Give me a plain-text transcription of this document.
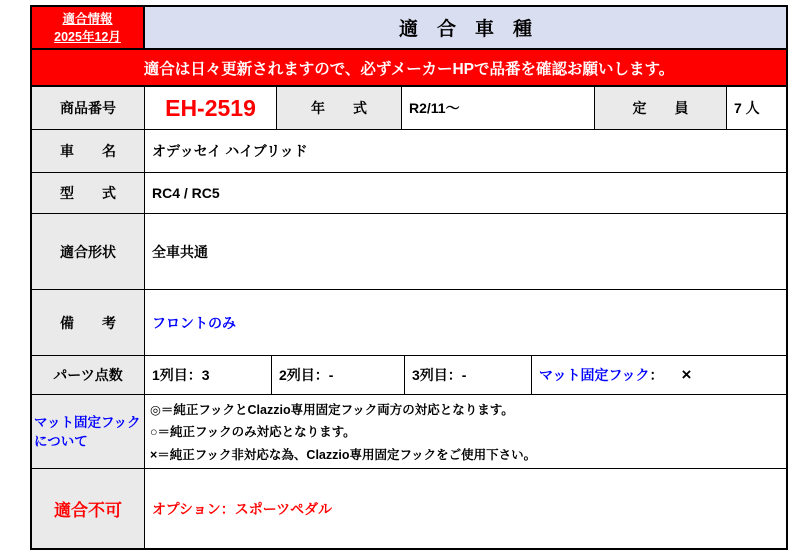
適合情報
2025年12月	適　合　車　種
適合は日々更新されますので、必ずメーカーHPで品番を確認お願いします。
商品番号	EH-2519	年　　式	R2/11～	定　　員	7 人
車　　名	オデッセイ ハイブリッド
型　　式	RC4 / RC5
適合形状	全車共通
備　　考	フロントのみ
パーツ点数	1列目：3	2列目：-	3列目：-	マット固定フック ： ×
マット固定フック
について
◎＝純正フックとClazzio専用固定フック両方の対応となります。
○＝純正フックのみ対応となります。
×＝純正フック非対応な為、Clazzio専用固定フックをご使用下さい。
適合不可	オプション：スポーツペダル
